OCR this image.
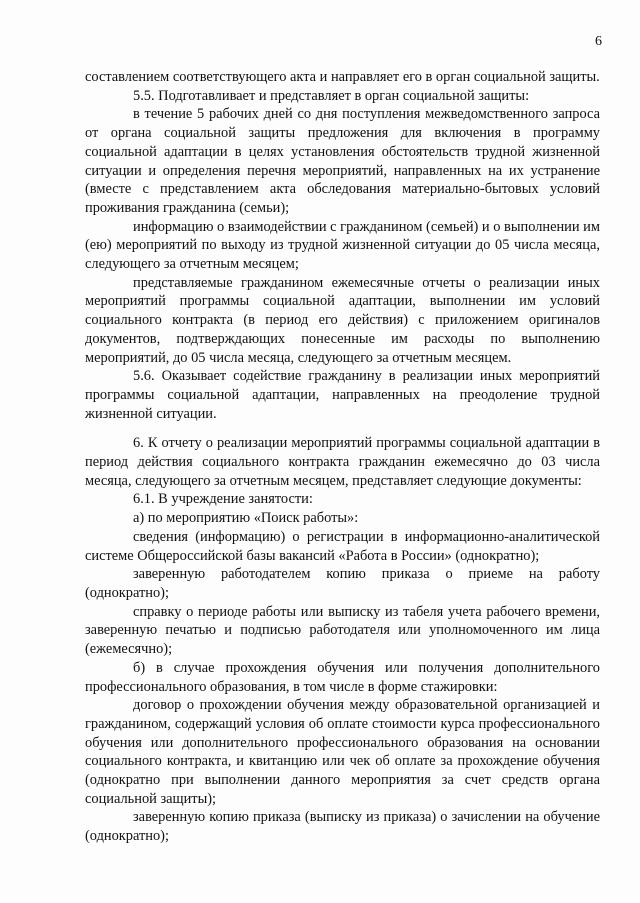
6

составлением соответствующего акта и направляет его в орган социальной защиты.

5.5. Подготавливает и представляет в орган социальной защиты:

в течение 5 рабочих дней со дня поступления межведомственного запроса от органа социальной защиты предложения для включения в программу социальной адаптации в целях установления обстоятельств трудной жизненной ситуации и определения перечня мероприятий, направленных на их устранение (вместе с представлением акта обследования материально-бытовых условий проживания гражданина (семьи);

информацию о взаимодействии с гражданином (семьей) и о выполнении им (ею) мероприятий по выходу из трудной жизненной ситуации до 05 числа месяца, следующего за отчетным месяцем;

представляемые гражданином ежемесячные отчеты о реализации иных мероприятий программы социальной адаптации, выполнении им условий социального контракта (в период его действия) с приложением оригиналов документов, подтверждающих понесенные им расходы по выполнению мероприятий, до 05 числа месяца, следующего за отчетным месяцем.

5.6. Оказывает содействие гражданину в реализации иных мероприятий программы социальной адаптации, направленных на преодоление трудной жизненной ситуации.

6. К отчету о реализации мероприятий программы социальной адаптации в период действия социального контракта гражданин ежемесячно до 03 числа месяца, следующего за отчетным месяцем, представляет следующие документы:

6.1. В учреждение занятости:

а) по мероприятию «Поиск работы»:

сведения (информацию) о регистрации в информационно-аналитической системе Общероссийской базы вакансий «Работа в России» (однократно);

заверенную работодателем копию приказа о приеме на работу (однократно);

справку о периоде работы или выписку из табеля учета рабочего времени, заверенную печатью и подписью работодателя или уполномоченного им лица (ежемесячно);

б) в случае прохождения обучения или получения дополнительного профессионального образования, в том числе в форме стажировки:

договор о прохождении обучения между образовательной организацией и гражданином, содержащий условия об оплате стоимости курса профессионального обучения или дополнительного профессионального образования на основании социального контракта, и квитанцию или чек об оплате за прохождение обучения (однократно при выполнении данного мероприятия за счет средств органа социальной защиты);

заверенную копию приказа (выписку из приказа) о зачислении на обучение (однократно);
